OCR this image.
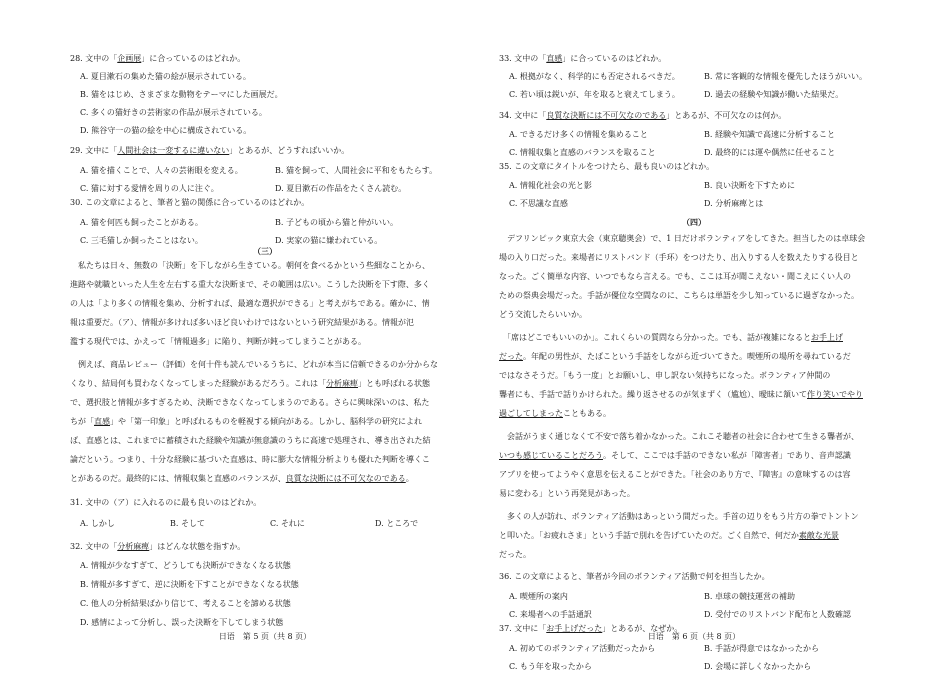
28. 文中の「企画展」に合っているのはどれか。
A. 夏目漱石の集めた猫の絵が展示されている。
B. 猫をはじめ、さまざまな動物をテーマにした画展だ。
C. 多くの猫好きの芸術家の作品が展示されている。
D. 熊谷守一の猫の絵を中心に構成されている。
29. 文中に「人間社会は一変するに違いない」とあるが、どうすればいいか。
30. この文章によると、筆者と猫の関係に合っているのはどれか。
　私たちは日々、無数の「決断」を下しながら生きている。朝何を食べるかという些細なことから、
進路や就職といった人生を左右する重大な決断まで、その範囲は広い。こうした決断を下す際、多く
の人は「より多くの情報を集め、分析すれば、最適な選択ができる」と考えがちである。確かに、情
報は重要だ。（ア）、情報が多ければ多いほど良いわけではないという研究結果がある。情報が氾
濫する現代では、かえって「情報過多」に陥り、判断が鈍ってしまうことがある。
　例えば、商品レビュー（評価）を何十件も読んでいるうちに、どれが本当に信頼できるのか分からな
くなり、結局何も買わなくなってしまった経験があるだろう。これは「分析麻痺」とも呼ばれる状態
で、選択肢と情報が多すぎるため、決断できなくなってしまうのである。さらに興味深いのは、私た
ちが「直感」や「第一印象」と呼ばれるものを軽視する傾向がある。しかし、脳科学の研究によれ
ば、直感とは、これまでに蓄積された経験や知識が無意識のうちに高速で処理され、導き出された結
論だという。つまり、十分な経験に基づいた直感は、時に膨大な情報分析よりも優れた判断を導くこ
とがあるのだ。最終的には、情報収集と直感のバランスが、良質な決断には不可欠なのである。
31. 文中の（ア）に入れるのに最も良いのはどれか。
32. 文中の「分析麻痺」はどんな状態を指すか。
A. 情報が少なすぎて、どうしても決断ができなくなる状態
B. 情報が多すぎて、逆に決断を下すことができなくなる状態
C. 他人の分析結果ばかり信じて、考えることを諦める状態
D. 感情によって分析し、誤った決断を下してしまう状態
A. 猫を描くことで、人々の芸術眼を変える。	B. 猫を飼って、人間社会に平和をもたらす。
C. 猫に対する愛情を周りの人に注ぐ。	D. 夏目漱石の作品をたくさん読む。
A. 猫を何匹も飼ったことがある。	B. 子どもの頃から猫と仲がいい。
C. 三毛猫しか飼ったことはない。	D. 実家の猫に嫌われている。
A. しかし	B. そして	C. それに	D. ところで
（三）
33. 文中の「直感」に合っているのはどれか。
34. 文中に「良質な決断には不可欠なのである」とあるが、不可欠なのは何か。
35. この文章にタイトルをつけたら、最も良いのはどれか。
　デフリンピック東京大会（東京聴奥会）で、1 日だけボランティアをしてきた。担当したのは卓球会
場の入り口だった。来場者にリストバンド（手环）をつけたり、出入りする人を数えたりする役目と
なった。ごく簡単な内容、いつでもなら言える。でも、ここは耳が聞こえない・聞こえにくい人の
ための祭典会場だった。手話が優位な空間なのに、こちらは単語を少し知っているに過ぎなかった。
どう交流したらいいか。
　「席はどこでもいいのか」。これくらいの質問なら分かった。でも、話が複雑になるとお手上げ
だった。年配の男性が、たばこという手話をしながら近づいてきた。喫煙所の場所を尋ねているだ
ではなさそうだ。「もう一度」とお願いし、申し訳ない気持ちになった。ボランティア仲間の
聾者にも、手話で話りかけられた。繰り返させるのが気まずく（尴尬）、曖昧に頷いて作り笑いでやり
過ごしてしまったこともある。
　会話がうまく通じなくて不安で落ち着かなかった。これこそ聴者の社会に合わせて生きる聾者が、
いつも感じていることだろう。そして、ここでは手話のできない私が「障害者」であり、音声認識
アプリを使ってようやく意思を伝えることができた。「社会のあり方で、『障害』の意味するのは容
易に変わる」という再発見があった。
　多くの人が訪れ、ボランティア活動はあっという間だった。手首の辺りをもう片方の拳でトントン
と叩いた。「お疲れさま」という手話で別れを告げていたのだ。ごく自然で、何だか素敵な光景
だった。
36. この文章によると、筆者が今回のボランティア活動で何を担当したか。
37. 文中に「お手上げだった」とあるが、なぜか。
A. 根拠がなく、科学的にも否定されるべきだ。	B. 常に客観的な情報を優先したほうがいい。
C. 若い頃は鋭いが、年を取ると衰えてしまう。	D. 過去の経験や知識が働いた結果だ。
A. できるだけ多くの情報を集めること	B. 経験や知識で高速に分析すること
C. 情報収集と直感のバランスを取ること	D. 最終的には運や偶然に任せること
A. 情報化社会の光と影	B. 良い決断を下すために
C. 不思議な直感	D. 分析麻痺とは
A. 喫煙所の案内	B. 卓球の競技運営の補助
C. 来場者への手話通訳	D. 受付でのリストバンド配布と人数確認
A. 初めてのボランティア活動だったから	B. 手話が得意ではなかったから
C. もう年を取ったから	D. 会場に詳しくなかったから
（四）
日语　第 5 页（共 8 页）	日语　第 6 页（共 8 页）
